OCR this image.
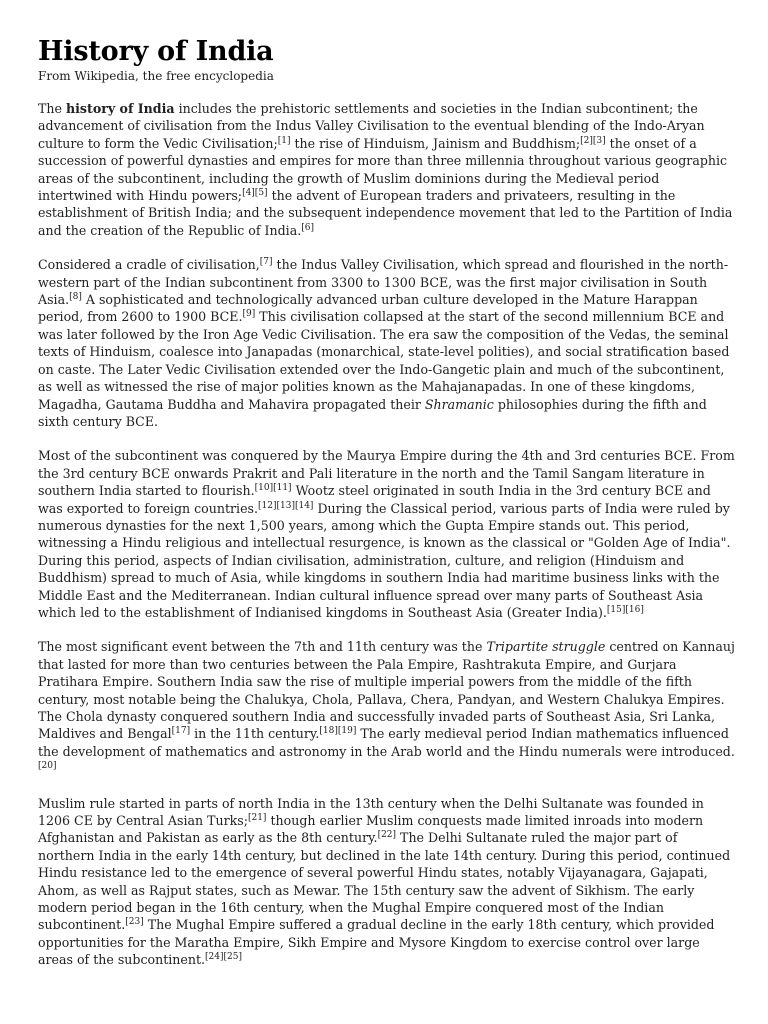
History of India
From Wikipedia, the free encyclopedia

The history of India includes the prehistoric settlements and societies in the Indian subcontinent; the advancement of civilisation from the Indus Valley Civilisation to the eventual blending of the Indo-Aryan culture to form the Vedic Civilisation;[1] the rise of Hinduism, Jainism and Buddhism;[2][3] the onset of a succession of powerful dynasties and empires for more than three millennia throughout various geographic areas of the subcontinent, including the growth of Muslim dominions during the Medieval period intertwined with Hindu powers;[4][5] the advent of European traders and privateers, resulting in the establishment of British India; and the subsequent independence movement that led to the Partition of India and the creation of the Republic of India.[6]

Considered a cradle of civilisation,[7] the Indus Valley Civilisation, which spread and flourished in the north-western part of the Indian subcontinent from 3300 to 1300 BCE, was the first major civilisation in South Asia.[8] A sophisticated and technologically advanced urban culture developed in the Mature Harappan period, from 2600 to 1900 BCE.[9] This civilisation collapsed at the start of the second millennium BCE and was later followed by the Iron Age Vedic Civilisation. The era saw the composition of the Vedas, the seminal texts of Hinduism, coalesce into Janapadas (monarchical, state-level polities), and social stratification based on caste. The Later Vedic Civilisation extended over the Indo-Gangetic plain and much of the subcontinent, as well as witnessed the rise of major polities known as the Mahajanapadas. In one of these kingdoms, Magadha, Gautama Buddha and Mahavira propagated their Shramanic philosophies during the fifth and sixth century BCE.

Most of the subcontinent was conquered by the Maurya Empire during the 4th and 3rd centuries BCE. From the 3rd century BCE onwards Prakrit and Pali literature in the north and the Tamil Sangam literature in southern India started to flourish.[10][11] Wootz steel originated in south India in the 3rd century BCE and was exported to foreign countries.[12][13][14] During the Classical period, various parts of India were ruled by numerous dynasties for the next 1,500 years, among which the Gupta Empire stands out. This period, witnessing a Hindu religious and intellectual resurgence, is known as the classical or "Golden Age of India". During this period, aspects of Indian civilisation, administration, culture, and religion (Hinduism and Buddhism) spread to much of Asia, while kingdoms in southern India had maritime business links with the Middle East and the Mediterranean. Indian cultural influence spread over many parts of Southeast Asia which led to the establishment of Indianised kingdoms in Southeast Asia (Greater India).[15][16]

The most significant event between the 7th and 11th century was the Tripartite struggle centred on Kannauj that lasted for more than two centuries between the Pala Empire, Rashtrakuta Empire, and Gurjara Pratihara Empire. Southern India saw the rise of multiple imperial powers from the middle of the fifth century, most notable being the Chalukya, Chola, Pallava, Chera, Pandyan, and Western Chalukya Empires. The Chola dynasty conquered southern India and successfully invaded parts of Southeast Asia, Sri Lanka, Maldives and Bengal[17] in the 11th century.[18][19] The early medieval period Indian mathematics influenced the development of mathematics and astronomy in the Arab world and the Hindu numerals were introduced.[20]

Muslim rule started in parts of north India in the 13th century when the Delhi Sultanate was founded in 1206 CE by Central Asian Turks;[21] though earlier Muslim conquests made limited inroads into modern Afghanistan and Pakistan as early as the 8th century.[22] The Delhi Sultanate ruled the major part of northern India in the early 14th century, but declined in the late 14th century. During this period, continued Hindu resistance led to the emergence of several powerful Hindu states, notably Vijayanagara, Gajapati, Ahom, as well as Rajput states, such as Mewar. The 15th century saw the advent of Sikhism. The early modern period began in the 16th century, when the Mughal Empire conquered most of the Indian subcontinent.[23] The Mughal Empire suffered a gradual decline in the early 18th century, which provided opportunities for the Maratha Empire, Sikh Empire and Mysore Kingdom to exercise control over large areas of the subcontinent.[24][25]
